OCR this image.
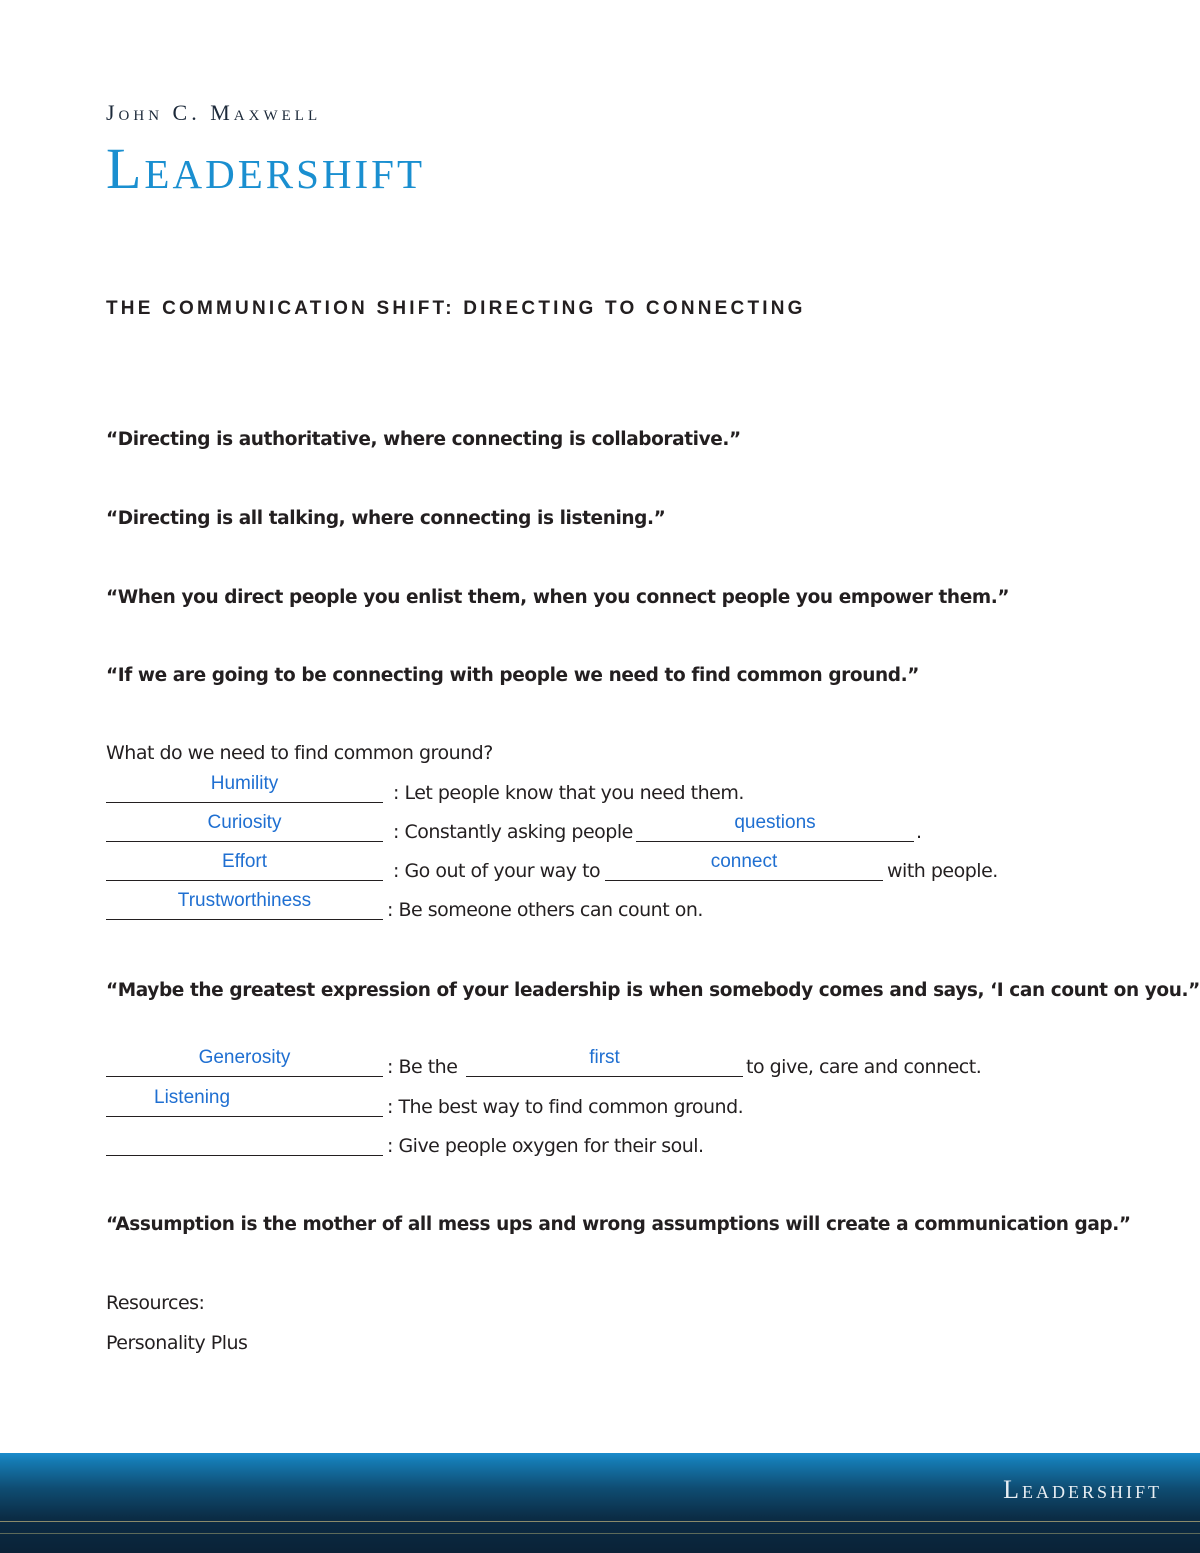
John C. Maxwell
Leadershift
THE COMMUNICATION SHIFT: DIRECTING TO CONNECTING
“Directing is authoritative, where connecting is collaborative.”
“Directing is all talking, where connecting is listening.”
“When you direct people you enlist them, when you connect people you empower them.”
“If we are going to be connecting with people we need to find common ground.”
What do we need to find common ground?
Humility	: Let people know that you need them.
Curiosity	: Constantly asking people	questions	.
Effort	: Go out of your way to	connect	with people.
Trustworthiness	: Be someone others can count on.
“Maybe the greatest expression of your leadership is when somebody comes and says, ‘I can count on you.”
Generosity	: Be the	first	to give, care and connect.
Listening	: The best way to find common ground.
: Give people oxygen for their soul.
“Assumption is the mother of all mess ups and wrong assumptions will create a communication gap.”
Resources:
Personality Plus
Leadershift
